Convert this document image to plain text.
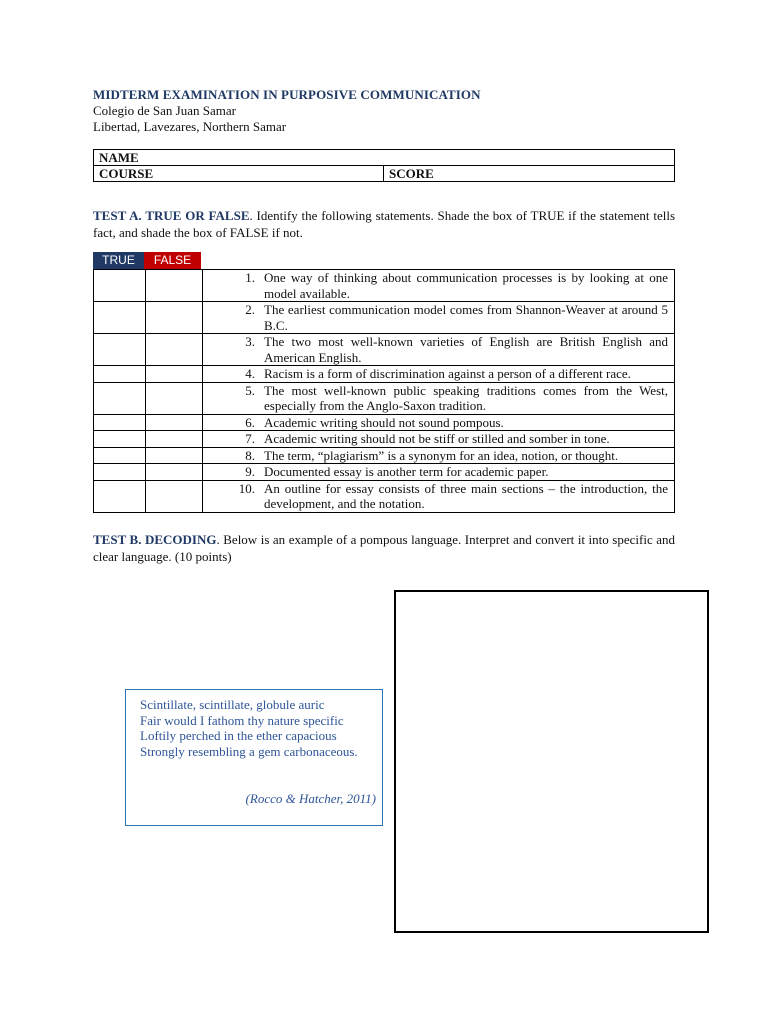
MIDTERM EXAMINATION IN PURPOSIVE COMMUNICATION
Colegio de San Juan Samar
Libertad, Lavezares, Northern Samar
NAME
COURSE	SCORE
TEST A. TRUE OR FALSE. Identify the following statements. Shade the box of TRUE if the statement tells fact, and shade the box of FALSE if not.
TRUE	FALSE

		1. One way of thinking about communication processes is by looking at one model available.

		2. The earliest communication model comes from Shannon-Weaver at around 5 B.C.

		3. The two most well-known varieties of English are British English and American English.

		4. Racism is a form of discrimination against a person of a different race.

		5. The most well-known public speaking traditions comes from the West, especially from the Anglo-Saxon tradition.

		6. Academic writing should not sound pompous.

		7. Academic writing should not be stiff or stilled and somber in tone.

		8. The term, “plagiarism” is a synonym for an idea, notion, or thought.

		9. Documented essay is another term for academic paper.

		10. An outline for essay consists of three main sections – the introduction, the development, and the notation.
TEST B. DECODING. Below is an example of a pompous language. Interpret and convert it into specific and clear language. (10 points)
Scintillate, scintillate, globule auric
Fair would I fathom thy nature specific
Loftily perched in the ether capacious
Strongly resembling a gem carbonaceous.
(Rocco & Hatcher, 2011)
